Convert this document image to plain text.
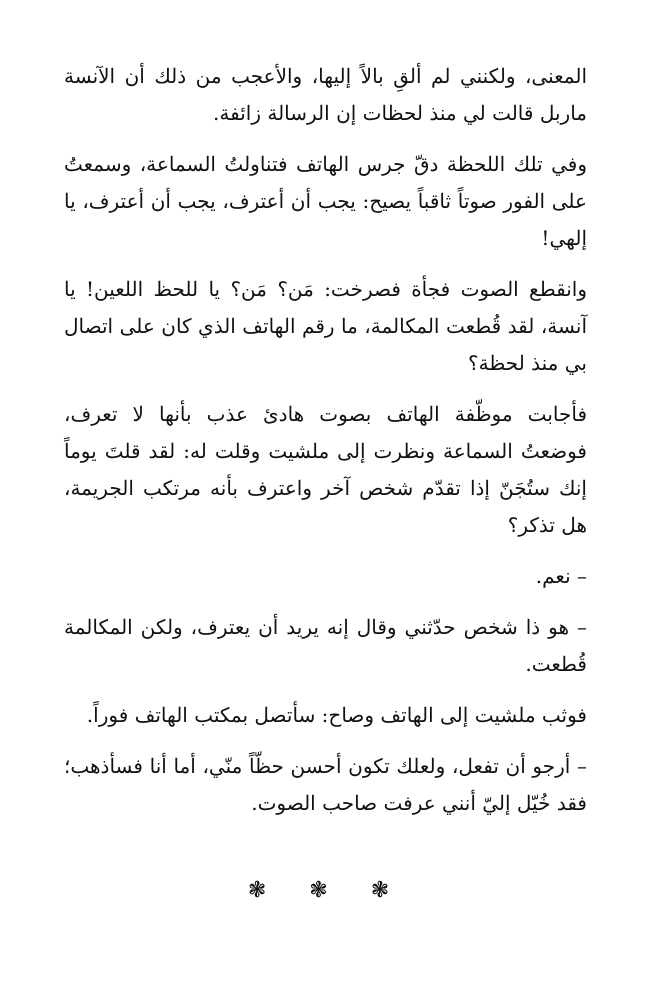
المعنى، ولكنني لم ألقِ بالاً إليها، والأعجب من ذلك أن الآنسة ماربل قالت لي منذ لحظات إن الرسالة زائفة.

وفي تلك اللحظة دقّ جرس الهاتف فتناولتُ السماعة، وسمعتُ على الفور صوتاً ثاقباً يصيح: يجب أن أعترف، يجب أن أعترف، يا إلهي!

وانقطع الصوت فجأة فصرخت: مَن؟ مَن؟ يا للحظ اللعين! يا آنسة، لقد قُطعت المكالمة، ما رقم الهاتف الذي كان على اتصال بي منذ لحظة؟

فأجابت موظّفة الهاتف بصوت هادئ عذب بأنها لا تعرف، فوضعتُ السماعة ونظرت إلى ملشيت وقلت له: لقد قلتَ يوماً إنك ستُجَنّ إذا تقدّم شخص آخر واعترف بأنه مرتكب الجريمة، هل تذكر؟

– نعم.

– هو ذا شخص حدّثني وقال إنه يريد أن يعترف، ولكن المكالمة قُطعت.

فوثب ملشيت إلى الهاتف وصاح: سأتصل بمكتب الهاتف فوراً.

– أرجو أن تفعل، ولعلك تكون أحسن حظّاً منّي، أما أنا فسأذهب؛ فقد خُيّل إليّ أنني عرفت صاحب الصوت.

❃ ❃ ❃
